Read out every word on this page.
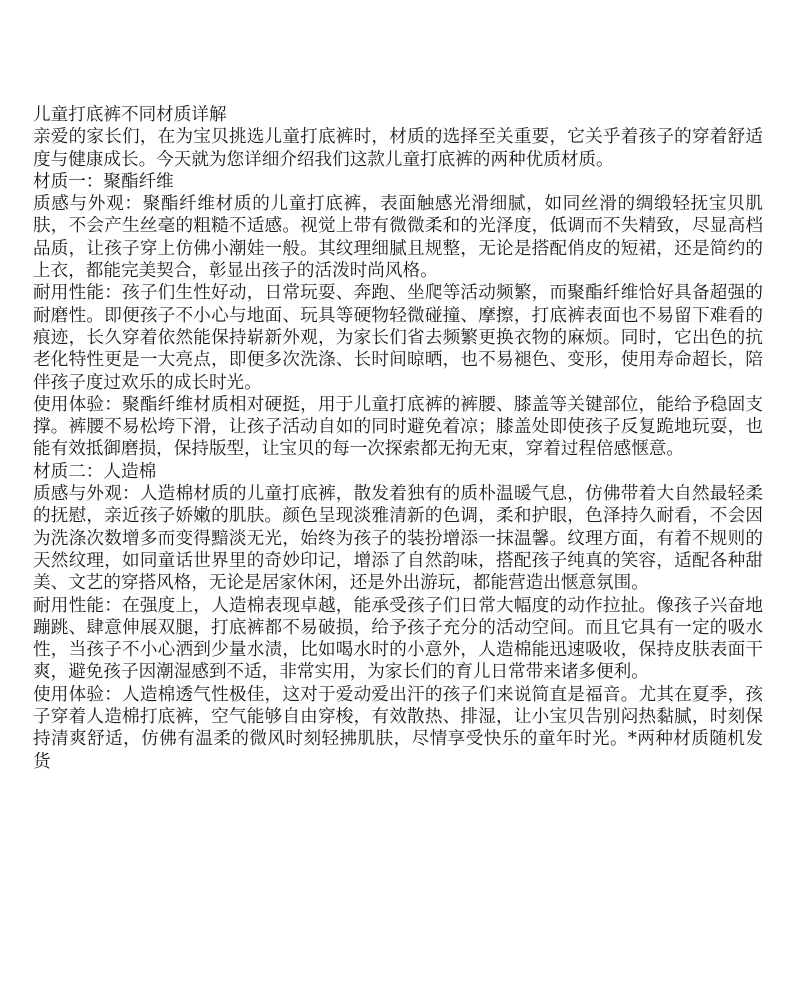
儿童打底裤不同材质详解

亲爱的家长们，在为宝贝挑选儿童打底裤时，材质的选择至关重要，它关乎着孩子的穿着舒适度与健康成长。今天就为您详细介绍我们这款儿童打底裤的两种优质材质。

材质一：聚酯纤维

质感与外观：聚酯纤维材质的儿童打底裤，表面触感光滑细腻，如同丝滑的绸缎轻抚宝贝肌肤，不会产生丝毫的粗糙不适感。视觉上带有微微柔和的光泽度，低调而不失精致，尽显高档品质，让孩子穿上仿佛小潮娃一般。其纹理细腻且规整，无论是搭配俏皮的短裙，还是简约的上衣，都能完美契合，彰显出孩子的活泼时尚风格。

耐用性能：孩子们生性好动，日常玩耍、奔跑、坐爬等活动频繁，而聚酯纤维恰好具备超强的耐磨性。即便孩子不小心与地面、玩具等硬物轻微碰撞、摩擦，打底裤表面也不易留下难看的痕迹，长久穿着依然能保持崭新外观，为家长们省去频繁更换衣物的麻烦。同时，它出色的抗老化特性更是一大亮点，即便多次洗涤、长时间晾晒，也不易褪色、变形，使用寿命超长，陪伴孩子度过欢乐的成长时光。

使用体验：聚酯纤维材质相对硬挺，用于儿童打底裤的裤腰、膝盖等关键部位，能给予稳固支撑。裤腰不易松垮下滑，让孩子活动自如的同时避免着凉；膝盖处即使孩子反复跪地玩耍，也能有效抵御磨损，保持版型，让宝贝的每一次探索都无拘无束，穿着过程倍感惬意。

材质二：人造棉

质感与外观：人造棉材质的儿童打底裤，散发着独有的质朴温暖气息，仿佛带着大自然最轻柔的抚慰，亲近孩子娇嫩的肌肤。颜色呈现淡雅清新的色调，柔和护眼，色泽持久耐看，不会因为洗涤次数增多而变得黯淡无光，始终为孩子的装扮增添一抹温馨。纹理方面，有着不规则的天然纹理，如同童话世界里的奇妙印记，增添了自然韵味，搭配孩子纯真的笑容，适配各种甜美、文艺的穿搭风格，无论是居家休闲，还是外出游玩，都能营造出惬意氛围。

耐用性能：在强度上，人造棉表现卓越，能承受孩子们日常大幅度的动作拉扯。像孩子兴奋地蹦跳、肆意伸展双腿，打底裤都不易破损，给予孩子充分的活动空间。而且它具有一定的吸水性，当孩子不小心洒到少量水渍，比如喝水时的小意外，人造棉能迅速吸收，保持皮肤表面干爽，避免孩子因潮湿感到不适，非常实用，为家长们的育儿日常带来诸多便利。

使用体验：人造棉透气性极佳，这对于爱动爱出汗的孩子们来说简直是福音。尤其在夏季，孩子穿着人造棉打底裤，空气能够自由穿梭，有效散热、排湿，让小宝贝告别闷热黏腻，时刻保持清爽舒适，仿佛有温柔的微风时刻轻拂肌肤，尽情享受快乐的童年时光。*两种材质随机发货
